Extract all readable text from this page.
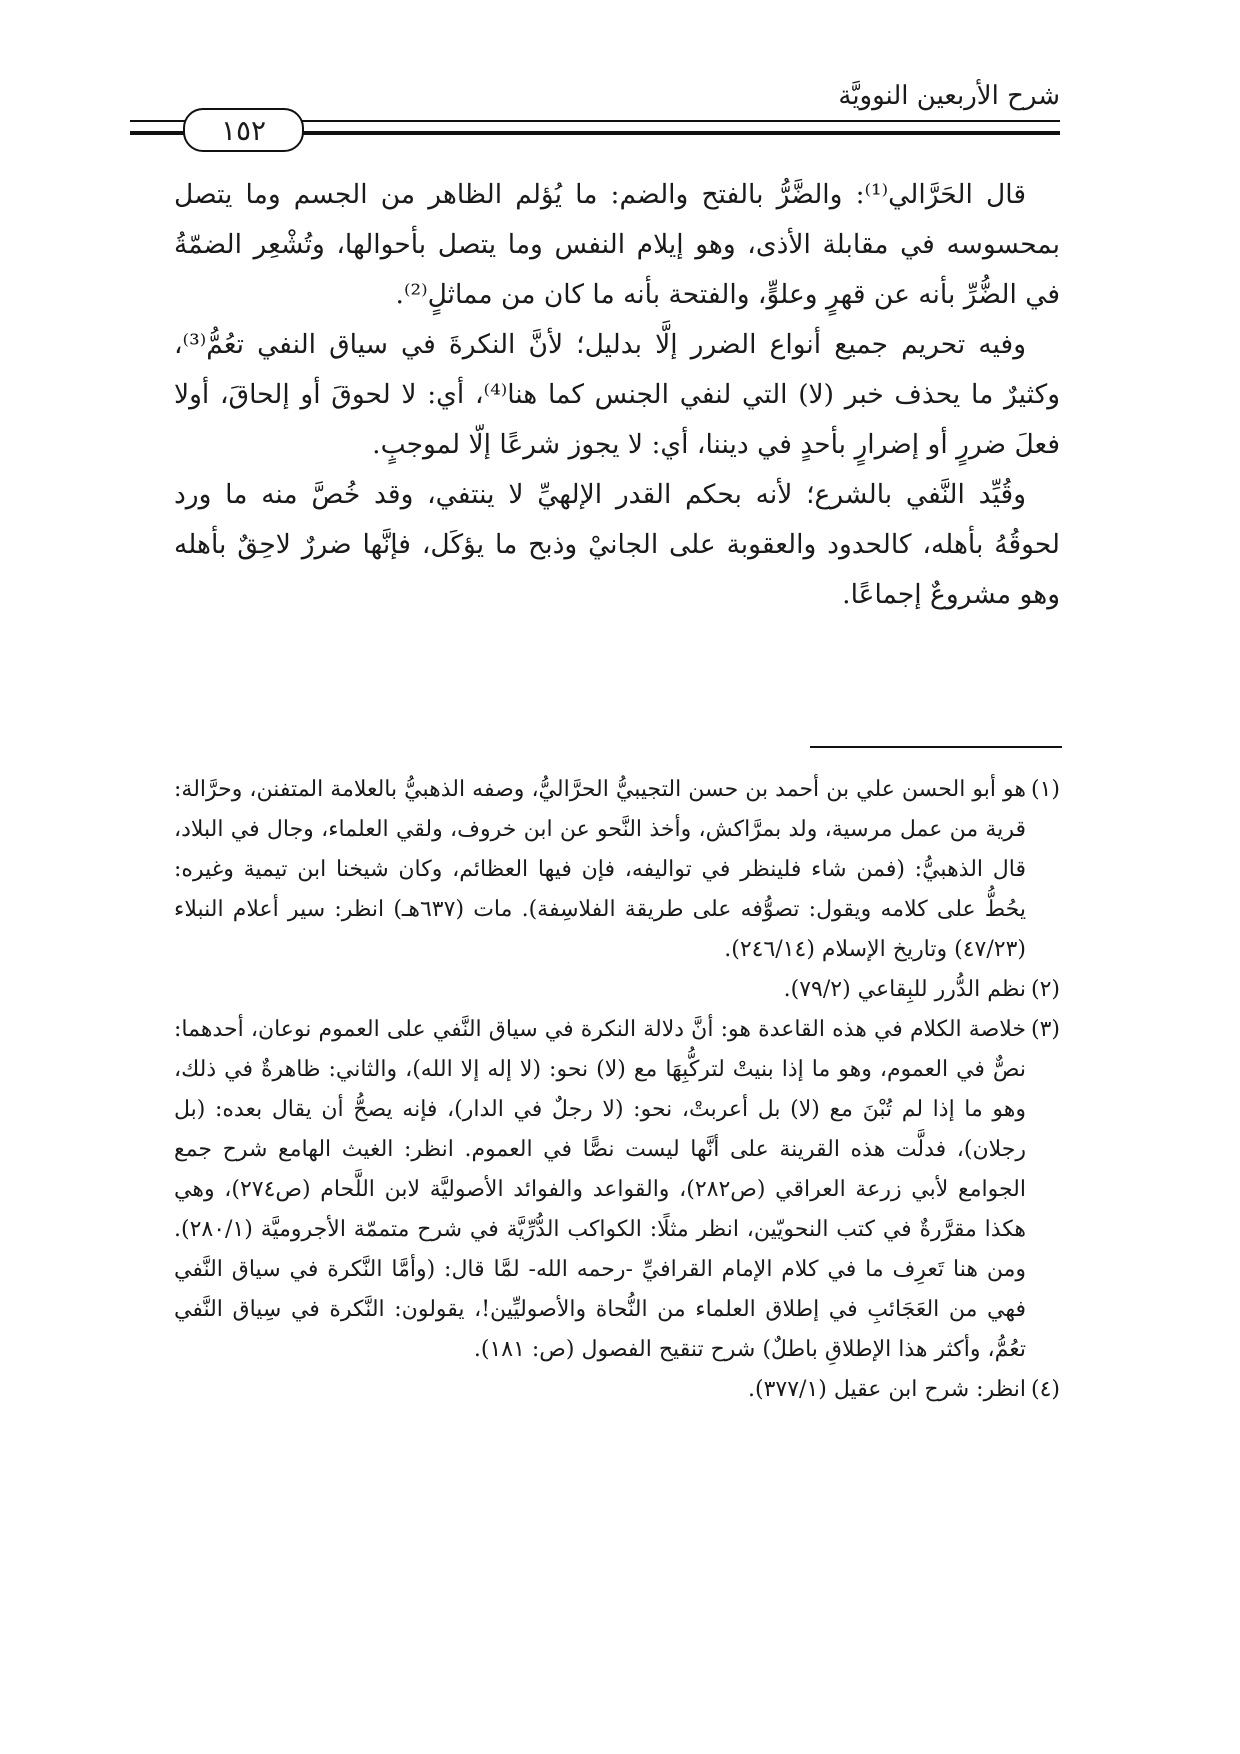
شرح الأربعين النوويَّة
١٥٢

قال الحَرَّالي⁽¹⁾: والضَّرُّ بالفتح والضم: ما يُؤلم الظاهر من الجسم وما يتصل بمحسوسه في مقابلة الأذى، وهو إيلام النفس وما يتصل بأحوالها، وتُشْعِر الضمّةُ في الضُّرِّ بأنه عن قهرٍ وعلوٍّ، والفتحة بأنه ما كان من مماثلٍ⁽²⁾.

وفيه تحريم جميع أنواع الضرر إلَّا بدليل؛ لأنَّ النكرةَ في سياق النفي تعُمُّ⁽³⁾، وكثيرٌ ما يحذف خبر (لا) التي لنفي الجنس كما هنا⁽⁴⁾، أي: لا لحوقَ أو إلحاقَ، أولا فعلَ ضررٍ أو إضرارٍ بأحدٍ في ديننا، أي: لا يجوز شرعًا إلّا لموجبٍ.

وقُيِّد النَّفي بالشرع؛ لأنه بحكم القدر الإلهيِّ لا ينتفي، وقد خُصَّ منه ما ورد لحوقُهُ بأهله، كالحدود والعقوبة على الجانيْ وذبح ما يؤكَل، فإنَّها ضررٌ لاحِقٌ بأهله وهو مشروعٌ إجماعًا.

(١)
هو أبو الحسن علي بن أحمد بن حسن التجيبيُّ الحرَّاليُّ، وصفه الذهبيُّ بالعلامة المتفنن، وحرَّالة: قرية من عمل مرسية، ولد بمرَّاكش، وأخذ النَّحو عن ابن خروف، ولقي العلماء، وجال في البلاد، قال الذهبيُّ: (فمن شاء فلينظر في تواليفه، فإن فيها العظائم، وكان شيخنا ابن تيمية وغيره: يحُطُّ على كلامه ويقول: تصوُّفه على طريقة الفلاسِفة). مات (٦٣٧هـ) انظر: سير أعلام النبلاء (٤٧/٢٣) وتاريخ الإسلام (٢٤٦/١٤).
(٢)
نظم الدُّرر للبِقاعي (٧٩/٢).
(٣)
خلاصة الكلام في هذه القاعدة هو: أنَّ دلالة النكرة في سياق النَّفي على العموم نوعان، أحدهما: نصٌّ في العموم، وهو ما إذا بنيتْ لتركُّبِهَا مع (لا) نحو: (لا إله إلا الله)، والثاني: ظاهرةٌ في ذلك، وهو ما إذا لم تُبْنَ مع (لا) بل أعربتْ، نحو: (لا رجلٌ في الدار)، فإنه يصحُّ أن يقال بعده: (بل رجلان)، فدلَّت هذه القرينة على أنَّها ليست نصًّا في العموم. انظر: الغيث الهامع شرح جمع الجوامع لأبي زرعة العراقي (ص٢٨٢)، والقواعد والفوائد الأصوليَّة لابن اللَّحام (ص٢٧٤)، وهي هكذا مقرَّرةٌ في كتب النحويّين، انظر مثلًا: الكواكب الدُّرِّيَّة في شرح متممّة الأجروميَّة (٢٨٠/١). ومن هنا تَعرِف ما في كلام الإمام القرافيِّ -رحمه الله- لمَّا قال: (وأمَّا النَّكرة في سياق النَّفي فهي من العَجَائبِ في إطلاق العلماء من النُّحاة والأصوليِّين!، يقولون: النَّكرة في سِياق النَّفي تعُمُّ، وأكثر هذا الإطلاقِ باطلٌ) شرح تنقيح الفصول (ص: ١٨١).
(٤)
انظر: شرح ابن عقيل (٣٧٧/١).
